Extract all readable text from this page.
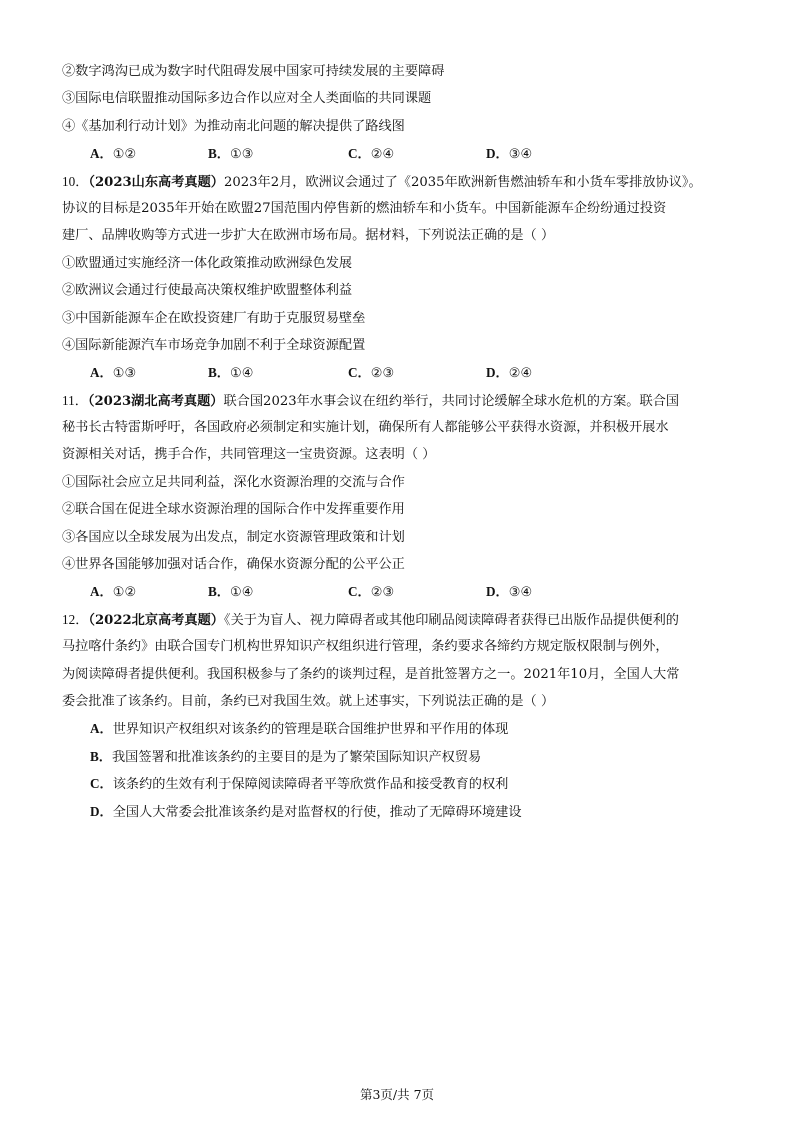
②数字鸿沟已成为数字时代阻碍发展中国家可持续发展的主要障碍
③国际电信联盟推动国际多边合作以应对全人类面临的共同课题
④《基加利行动计划》为推动南北问题的解决提供了路线图
A．①②	B．①③	C．②④	D．③④
10．（2023山东高考真题）2023年2月，欧洲议会通过了《2035年欧洲新售燃油轿车和小货车零排放协议》。
协议的目标是2035年开始在欧盟27国范围内停售新的燃油轿车和小货车。中国新能源车企纷纷通过投资
建厂、品牌收购等方式进一步扩大在欧洲市场布局。据材料，下列说法正确的是（ ）
①欧盟通过实施经济一体化政策推动欧洲绿色发展
②欧洲议会通过行使最高决策权维护欧盟整体利益
③中国新能源车企在欧投资建厂有助于克服贸易壁垒
④国际新能源汽车市场竞争加剧不利于全球资源配置
A．①③	B．①④	C．②③	D．②④
11．（2023湖北高考真题）联合国2023年水事会议在纽约举行，共同讨论缓解全球水危机的方案。联合国
秘书长古特雷斯呼吁，各国政府必须制定和实施计划，确保所有人都能够公平获得水资源，并积极开展水
资源相关对话，携手合作，共同管理这一宝贵资源。这表明（ ）
①国际社会应立足共同利益，深化水资源治理的交流与合作
②联合国在促进全球水资源治理的国际合作中发挥重要作用
③各国应以全球发展为出发点，制定水资源管理政策和计划
④世界各国能够加强对话合作，确保水资源分配的公平公正
A．①②	B．①④	C．②③	D．③④
12．（2022北京高考真题）《关于为盲人、视力障碍者或其他印刷品阅读障碍者获得已出版作品提供便利的
马拉喀什条约》由联合国专门机构世界知识产权组织进行管理，条约要求各缔约方规定版权限制与例外，
为阅读障碍者提供便利。我国积极参与了条约的谈判过程，是首批签署方之一。2021年10月，全国人大常
委会批准了该条约。目前，条约已对我国生效。就上述事实，下列说法正确的是（ ）
A．世界知识产权组织对该条约的管理是联合国维护世界和平作用的体现
B．我国签署和批准该条约的主要目的是为了繁荣国际知识产权贸易
C．该条约的生效有利于保障阅读障碍者平等欣赏作品和接受教育的权利
D．全国人大常委会批准该条约是对监督权的行使，推动了无障碍环境建设
第3页/共 7页
